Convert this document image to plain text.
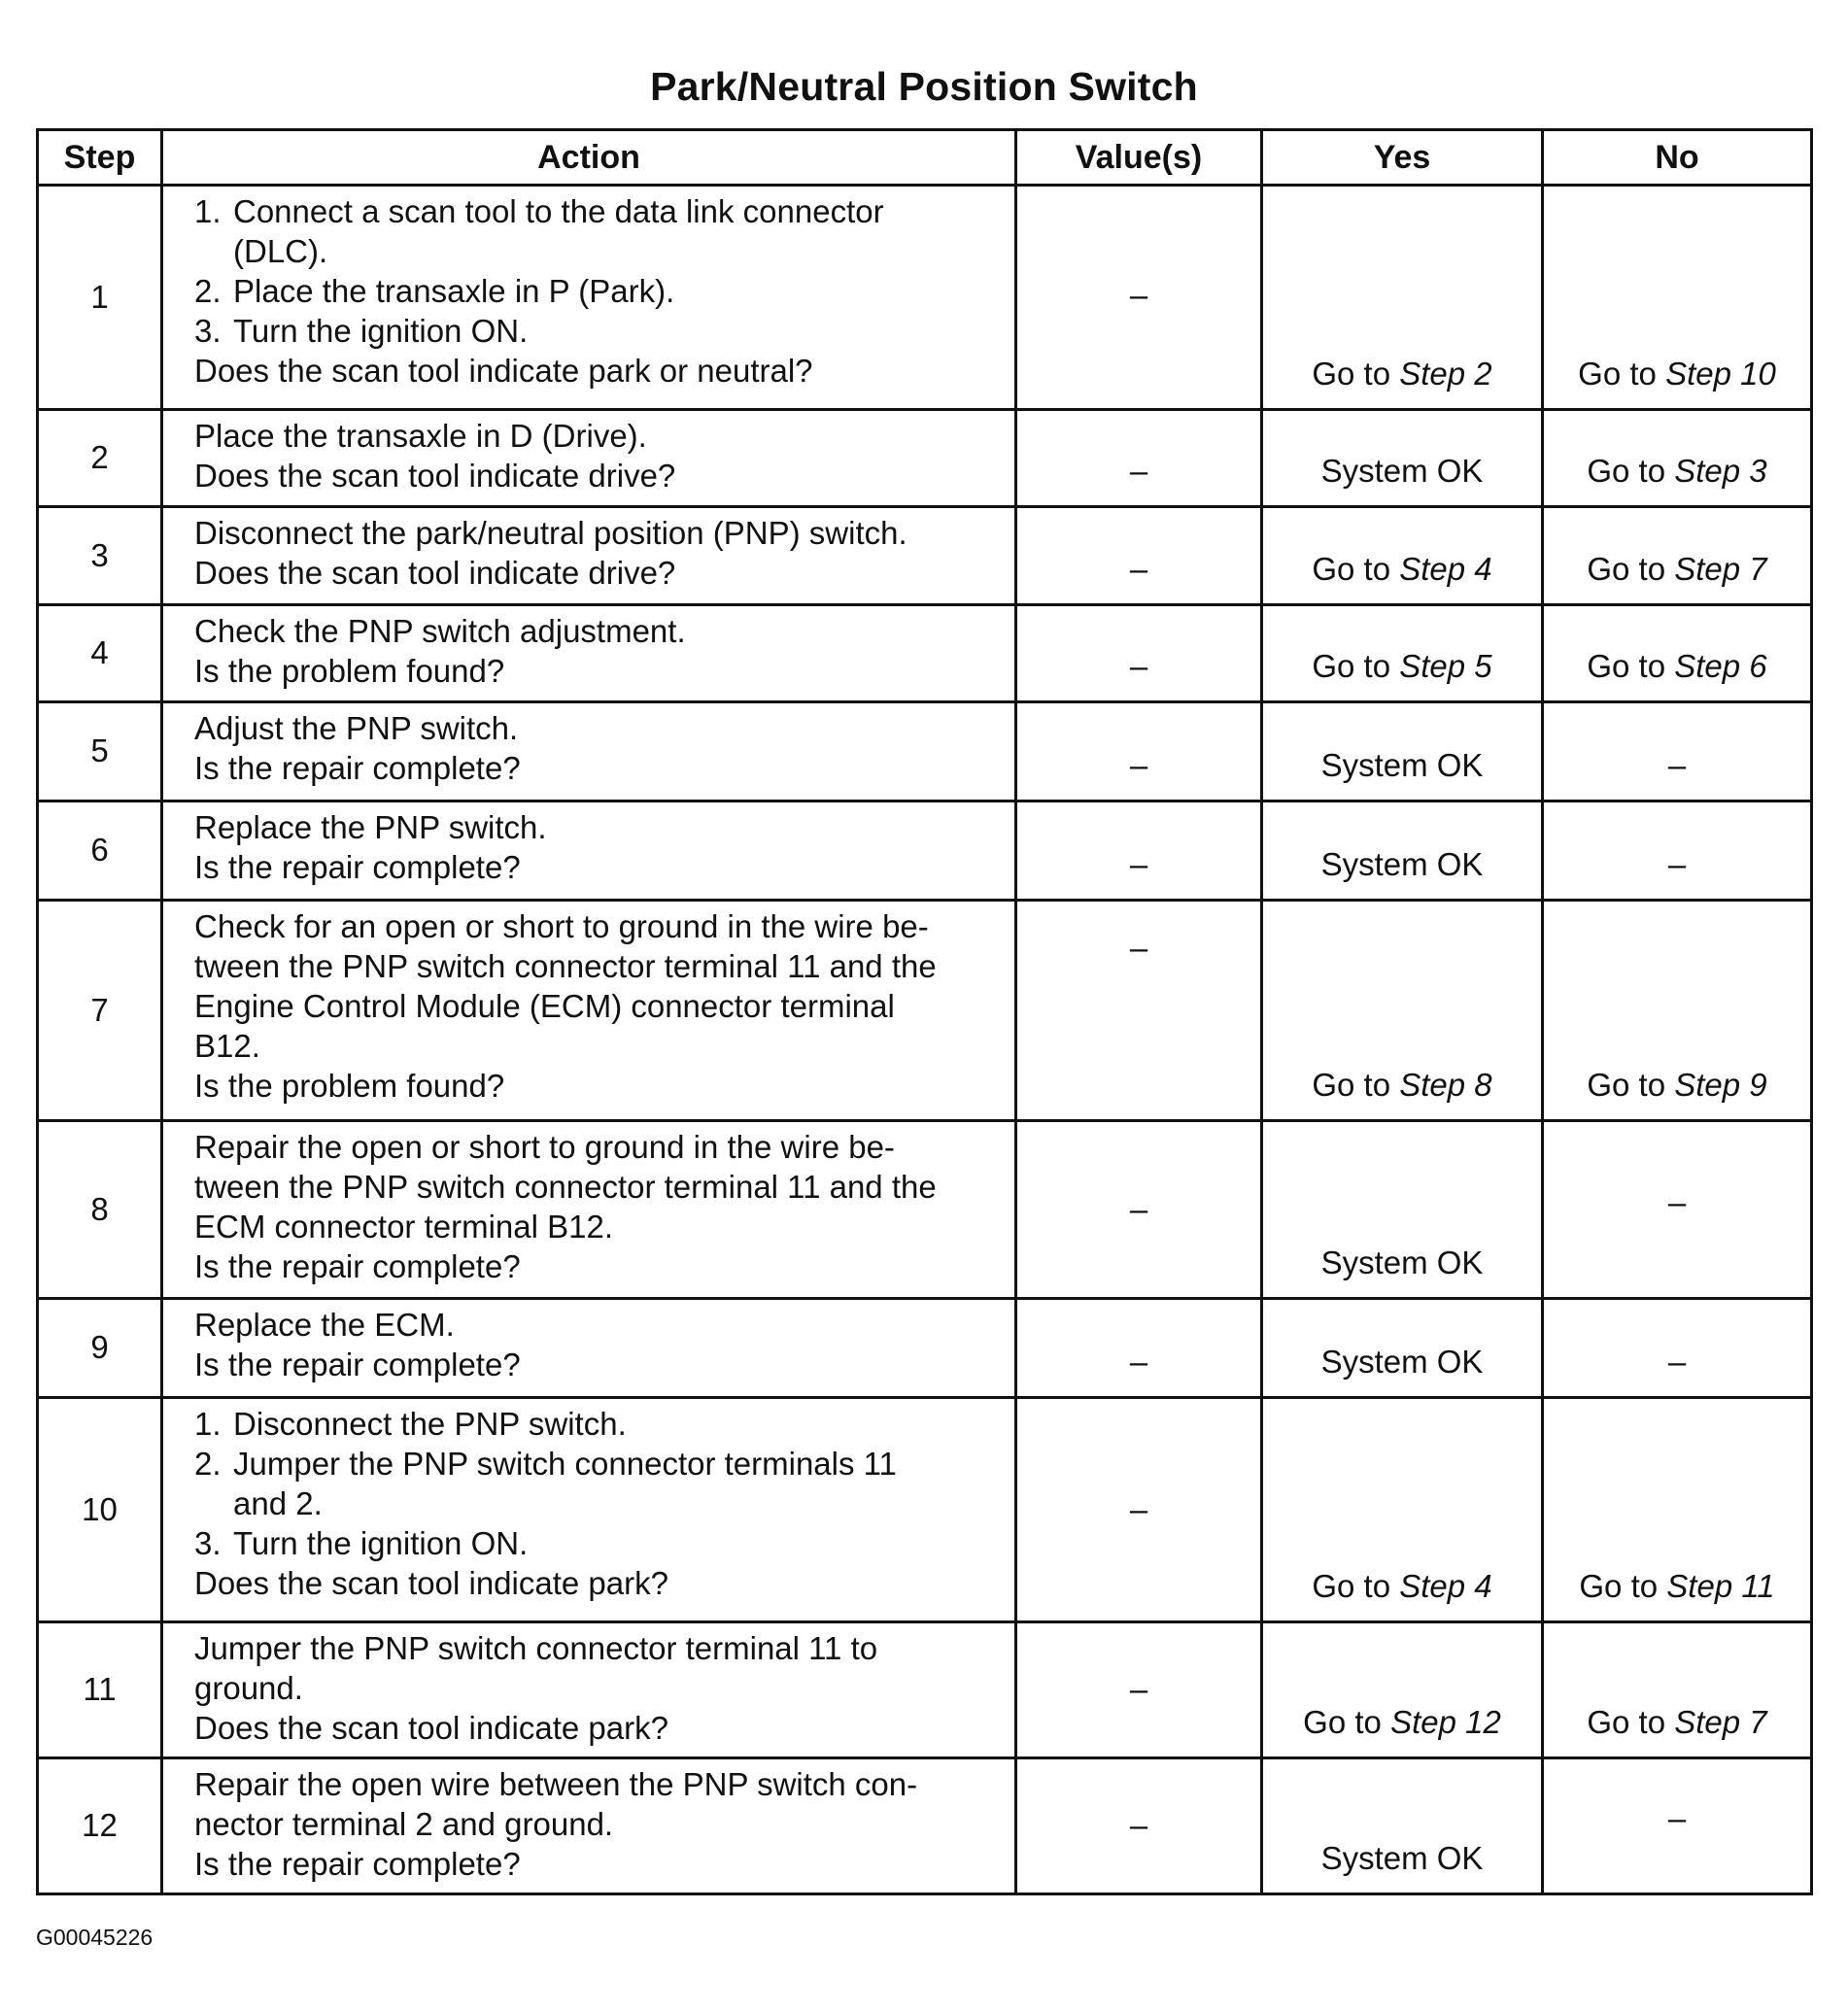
Park/Neutral Position Switch
Step	Action	Value(s)	Yes	No
1	1. Connect a scan tool to the data link connector
(DLC).
2. Place the transaxle in P (Park).
3. Turn the ignition ON.
Does the scan tool indicate park or neutral?	–	Go to Step 2	Go to Step 10
2	Place the transaxle in D (Drive).
Does the scan tool indicate drive?	–	System OK	Go to Step 3
3	Disconnect the park/neutral position (PNP) switch.
Does the scan tool indicate drive?	–	Go to Step 4	Go to Step 7
4	Check the PNP switch adjustment.
Is the problem found?	–	Go to Step 5	Go to Step 6
5	Adjust the PNP switch.
Is the repair complete?	–	System OK	–
6	Replace the PNP switch.
Is the repair complete?	–	System OK	–
7	Check for an open or short to ground in the wire be-
tween the PNP switch connector terminal 11 and the
Engine Control Module (ECM) connector terminal
B12.
Is the problem found?	–	Go to Step 8	Go to Step 9
8	Repair the open or short to ground in the wire be-
tween the PNP switch connector terminal 11 and the
ECM connector terminal B12.
Is the repair complete?	–	System OK	–
9	Replace the ECM.
Is the repair complete?	–	System OK	–
10	1. Disconnect the PNP switch.
2. Jumper the PNP switch connector terminals 11
and 2.
3. Turn the ignition ON.
Does the scan tool indicate park?	–	Go to Step 4	Go to Step 11
11	Jumper the PNP switch connector terminal 11 to
ground.
Does the scan tool indicate park?	–	Go to Step 12	Go to Step 7
12	Repair the open wire between the PNP switch con-
nector terminal 2 and ground.
Is the repair complete?	–	System OK	–
G00045226
